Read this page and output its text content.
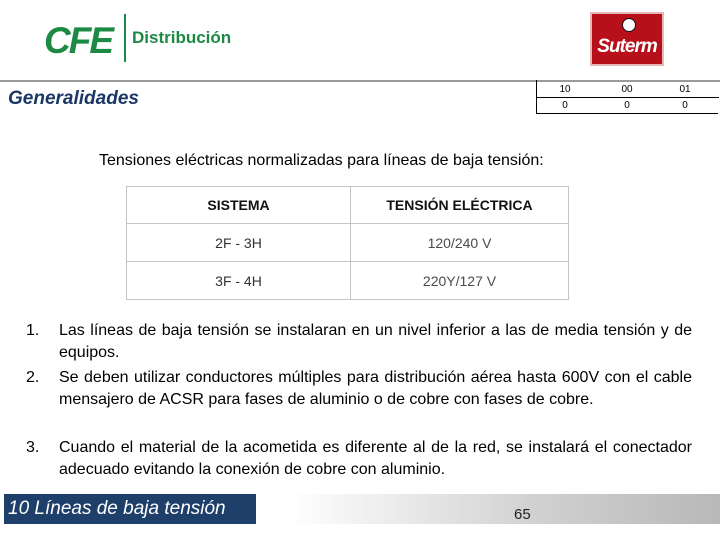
CFE Distribución	Suterm
Generalidades	10	00	01
0	0	0
Tensiones eléctricas normalizadas para líneas de baja tensión:
SISTEMA	TENSIÓN ELÉCTRICA
2F - 3H	120/240 V
3F - 4H	220Y/127 V
1.	Las líneas de baja tensión se instalaran en un nivel inferior a las de media tensión y de equipos.
2.	Se deben utilizar conductores múltiples para distribución aérea hasta 600V con el cable mensajero de ACSR para fases de aluminio o de cobre con fases de cobre.
3.	Cuando el material de la acometida es diferente al de la red, se instalará el conectador adecuado evitando la conexión de cobre con aluminio.
10 Líneas de baja tensión	65
